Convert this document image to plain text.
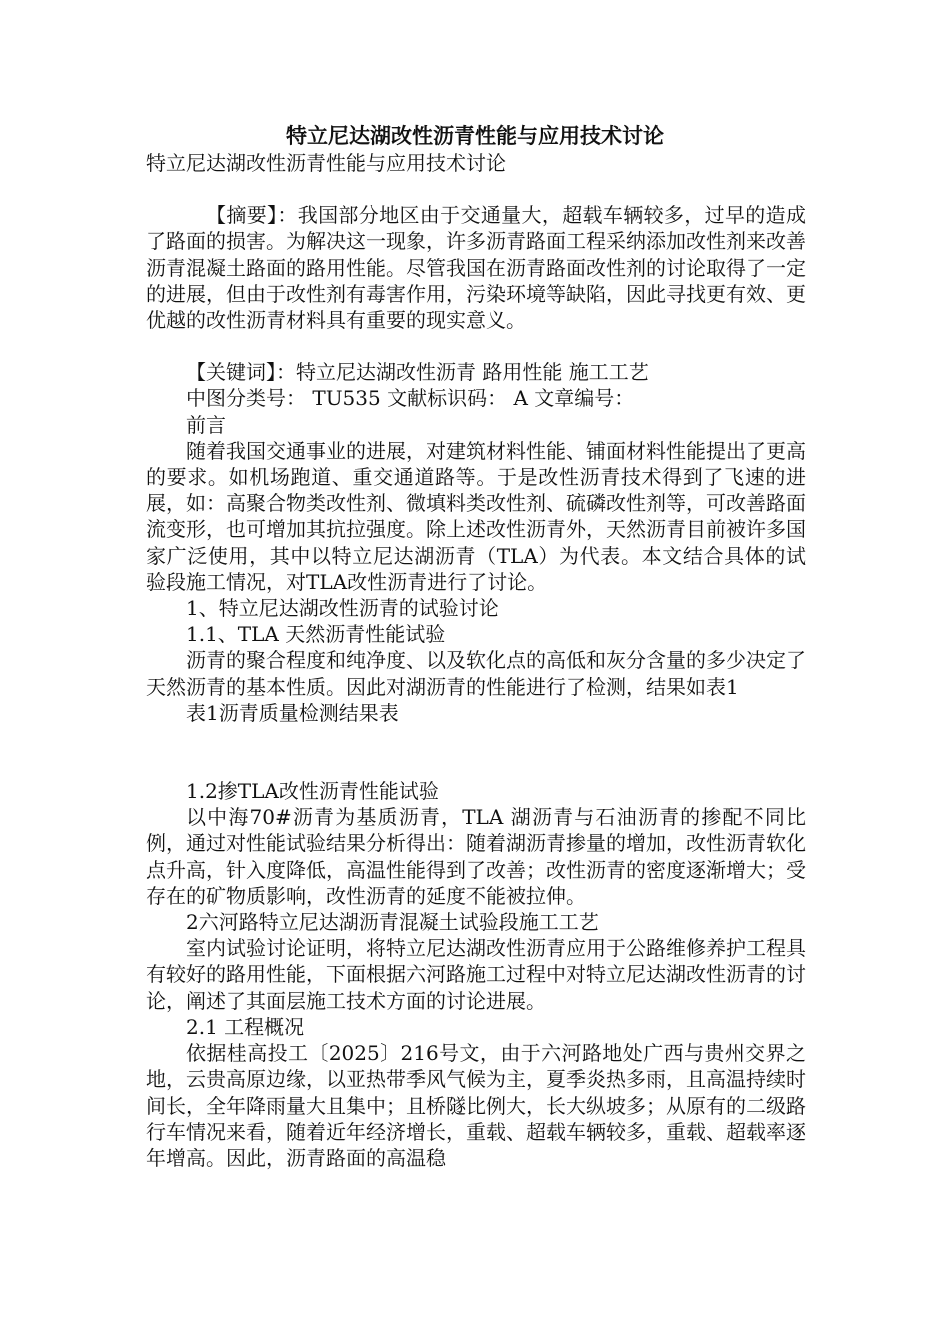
特立尼达湖改性沥青性能与应用技术讨论

特立尼达湖改性沥青性能与应用技术讨论

【摘要】：我国部分地区由于交通量大，超载车辆较多，过早的造成了路面的损害。为解决这一现象，许多沥青路面工程采纳添加改性剂来改善沥青混凝土路面的路用性能。尽管我国在沥青路面改性剂的讨论取得了一定的进展，但由于改性剂有毒害作用，污染环境等缺陷，因此寻找更有效、更优越的改性沥青材料具有重要的现实意义。

【关键词】：特立尼达湖改性沥青 路用性能 施工工艺

中图分类号： TU535 文献标识码： A 文章编号：

前言

随着我国交通事业的进展，对建筑材料性能、铺面材料性能提出了更高的要求。如机场跑道、重交通道路等。于是改性沥青技术得到了飞速的进展，如：高聚合物类改性剂、微填料类改性剂、硫磷改性剂等，可改善路面流变形，也可增加其抗拉强度。除上述改性沥青外，天然沥青目前被许多国家广泛使用，其中以特立尼达湖沥青（TLA）为代表。本文结合具体的试验段施工情况，对TLA改性沥青进行了讨论。

1、特立尼达湖改性沥青的试验讨论

1.1、TLA 天然沥青性能试验

沥青的聚合程度和纯净度、以及软化点的高低和灰分含量的多少决定了天然沥青的基本性质。因此对湖沥青的性能进行了检测，结果如表1

表1沥青质量检测结果表

1.2掺TLA改性沥青性能试验

以中海70#沥青为基质沥青，TLA 湖沥青与石油沥青的掺配不同比例，通过对性能试验结果分析得出：随着湖沥青掺量的增加，改性沥青软化点升高，针入度降低，高温性能得到了改善；改性沥青的密度逐渐增大；受存在的矿物质影响，改性沥青的延度不能被拉伸。

2六河路特立尼达湖沥青混凝土试验段施工工艺

室内试验讨论证明，将特立尼达湖改性沥青应用于公路维修养护工程具有较好的路用性能，下面根据六河路施工过程中对特立尼达湖改性沥青的讨论，阐述了其面层施工技术方面的讨论进展。

2.1 工程概况

依据桂高投工〔2025〕216号文，由于六河路地处广西与贵州交界之地，云贵高原边缘，以亚热带季风气候为主，夏季炎热多雨，且高温持续时间长，全年降雨量大且集中；且桥隧比例大，长大纵坡多；从原有的二级路行车情况来看，随着近年经济增长，重载、超载车辆较多，重载、超载率逐年增高。因此，沥青路面的高温稳
